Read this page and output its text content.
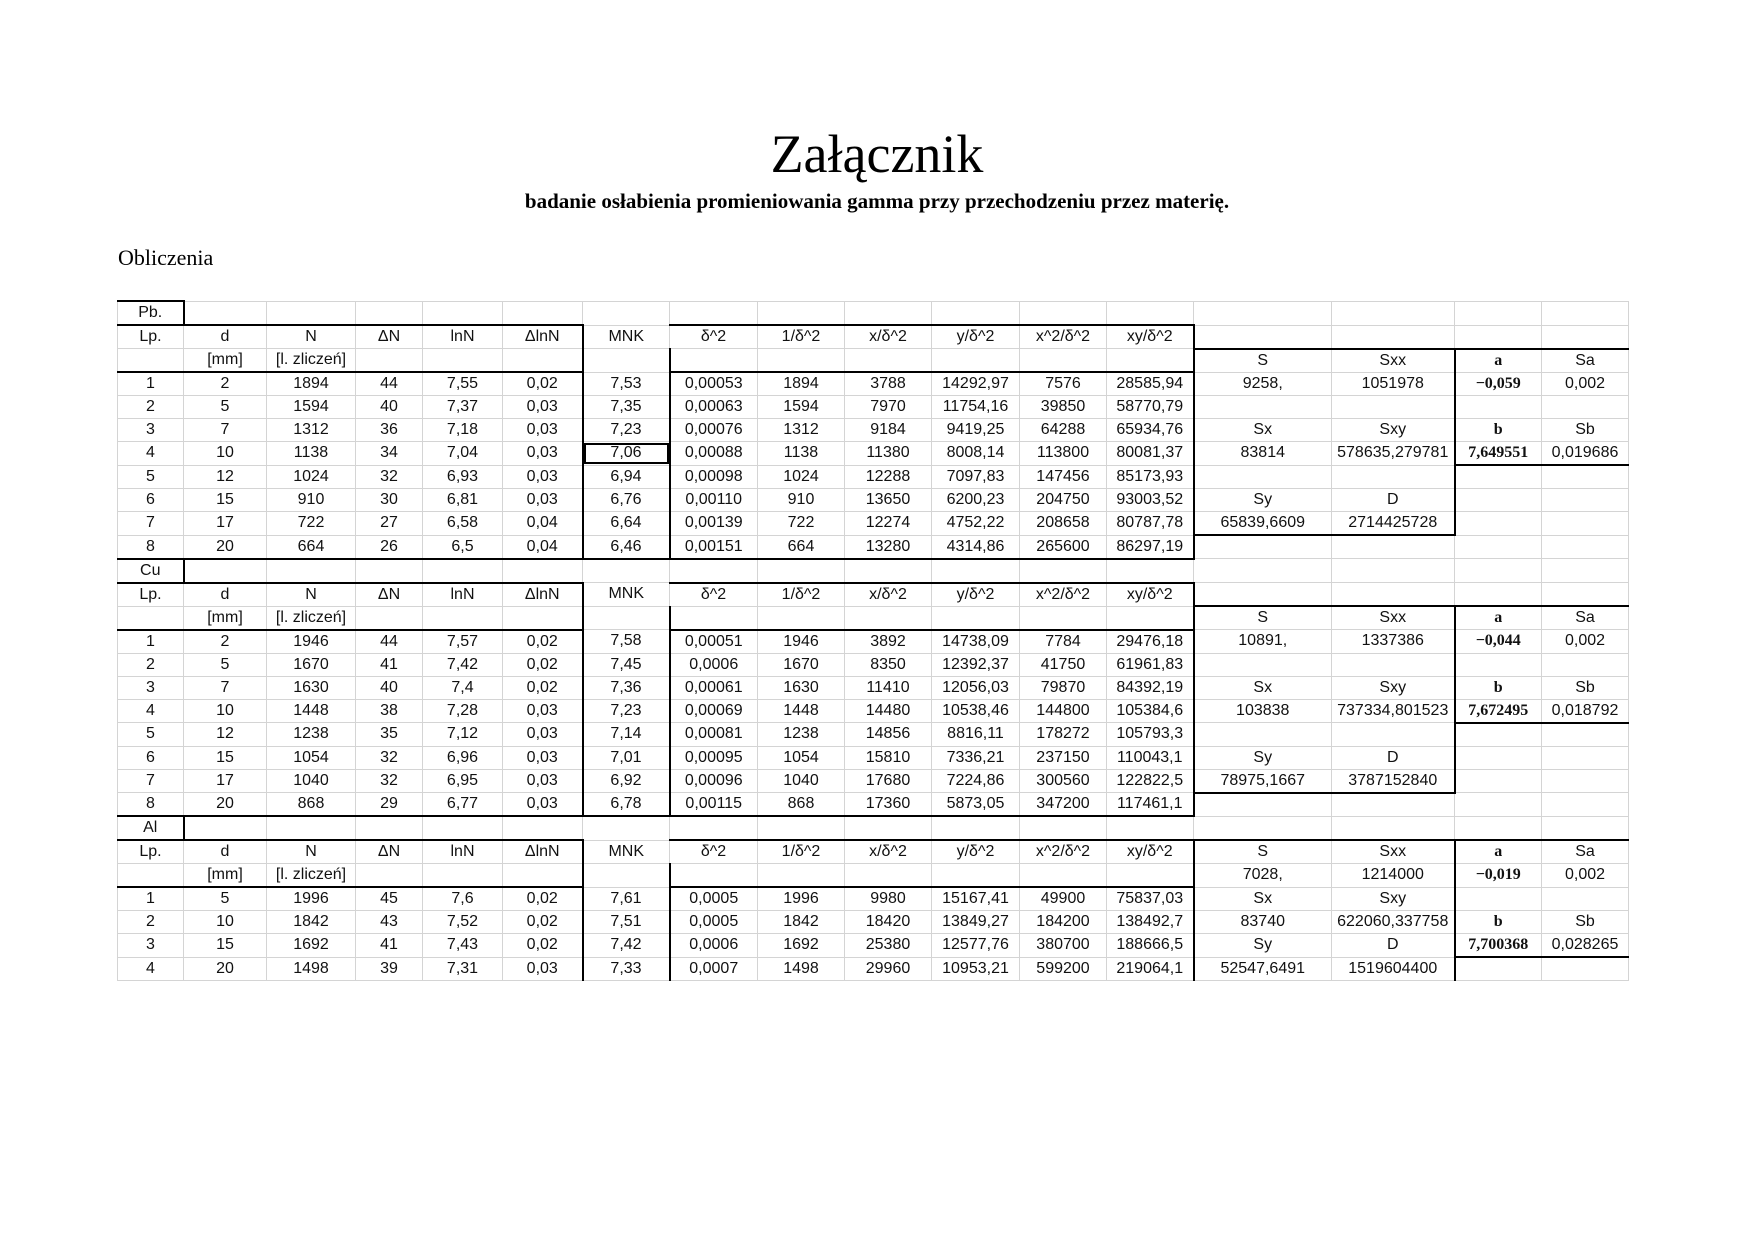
Załącznik
badanie osłabienia promieniowania gamma przy przechodzeniu przez materię.
Obliczenia
Pb.																
Lp.	d	N	ΔN	lnN	ΔlnN	MNK	δ^2	1/δ^2	x/δ^2	y/δ^2	x^2/δ^2	xy/δ^2				
	[mm]	[l. zliczeń]											S	Sxx	a	Sa
1	2	1894	44	7,55	0,02	7,53	0,00053	1894	3788	14292,97	7576	28585,94	9258,	1051978	−0,059	0,002
2	5	1594	40	7,37	0,03	7,35	0,00063	1594	7970	11754,16	39850	58770,79				
3	7	1312	36	7,18	0,03	7,23	0,00076	1312	9184	9419,25	64288	65934,76	Sx	Sxy	b	Sb
4	10	1138	34	7,04	0,03	7,06	0,00088	1138	11380	8008,14	113800	80081,37	83814	578635,279781	7,649551	0,019686
5	12	1024	32	6,93	0,03	6,94	0,00098	1024	12288	7097,83	147456	85173,93				
6	15	910	30	6,81	0,03	6,76	0,00110	910	13650	6200,23	204750	93003,52	Sy	D		
7	17	722	27	6,58	0,04	6,64	0,00139	722	12274	4752,22	208658	80787,78	65839,6609	2714425728		
8	20	664	26	6,5	0,04	6,46	0,00151	664	13280	4314,86	265600	86297,19				
Cu																
Lp.	d	N	ΔN	lnN	ΔlnN	MNK	δ^2	1/δ^2	x/δ^2	y/δ^2	x^2/δ^2	xy/δ^2				
	[mm]	[l. zliczeń]											S	Sxx	a	Sa
1	2	1946	44	7,57	0,02	7,58	0,00051	1946	3892	14738,09	7784	29476,18	10891,	1337386	−0,044	0,002
2	5	1670	41	7,42	0,02	7,45	0,0006	1670	8350	12392,37	41750	61961,83				
3	7	1630	40	7,4	0,02	7,36	0,00061	1630	11410	12056,03	79870	84392,19	Sx	Sxy	b	Sb
4	10	1448	38	7,28	0,03	7,23	0,00069	1448	14480	10538,46	144800	105384,6	103838	737334,801523	7,672495	0,018792
5	12	1238	35	7,12	0,03	7,14	0,00081	1238	14856	8816,11	178272	105793,3				
6	15	1054	32	6,96	0,03	7,01	0,00095	1054	15810	7336,21	237150	110043,1	Sy	D		
7	17	1040	32	6,95	0,03	6,92	0,00096	1040	17680	7224,86	300560	122822,5	78975,1667	3787152840		
8	20	868	29	6,77	0,03	6,78	0,00115	868	17360	5873,05	347200	117461,1				
Al																
Lp.	d	N	ΔN	lnN	ΔlnN	MNK	δ^2	1/δ^2	x/δ^2	y/δ^2	x^2/δ^2	xy/δ^2	S	Sxx	a	Sa
	[mm]	[l. zliczeń]											7028,	1214000	−0,019	0,002
1	5	1996	45	7,6	0,02	7,61	0,0005	1996	9980	15167,41	49900	75837,03	Sx	Sxy		
2	10	1842	43	7,52	0,02	7,51	0,0005	1842	18420	13849,27	184200	138492,7	83740	622060,337758	b	Sb
3	15	1692	41	7,43	0,02	7,42	0,0006	1692	25380	12577,76	380700	188666,5	Sy	D	7,700368	0,028265
4	20	1498	39	7,31	0,03	7,33	0,0007	1498	29960	10953,21	599200	219064,1	52547,6491	1519604400		
